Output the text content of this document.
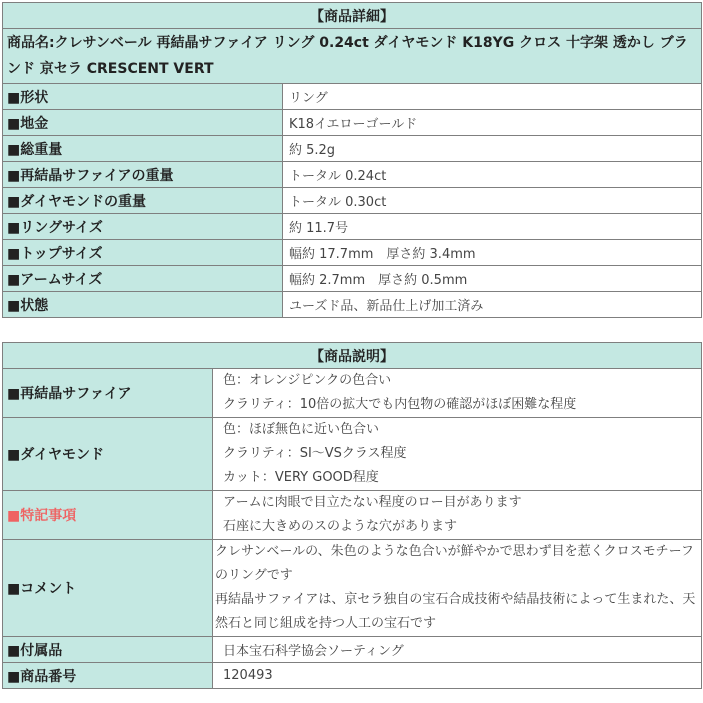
【商品詳細】	
商品名:クレサンベール 再結晶サファイア リング 0.24ct ダイヤモンド K18YG クロス 十字架 透かし ブランド 京セラ CRESCENT VERT	
■形状	リング
■地金	K18イエローゴールド
■総重量	約 5.2g
■再結晶サファイアの重量	トータル 0.24ct
■ダイヤモンドの重量	トータル 0.30ct
■リングサイズ	約 11.7号
■トップサイズ	幅約 17.7mm　厚さ約 3.4mm
■アームサイズ	幅約 2.7mm　厚さ約 0.5mm
■状態	ユーズド品、新品仕上げ加工済み
【商品説明】	
■再結晶サファイア	色：オレンジピンクの色合い
クラリティ：10倍の拡大でも内包物の確認がほぼ困難な程度

■ダイヤモンド	色：ほぼ無色に近い色合い
クラリティ：SI～VSクラス程度
カット：VERY GOOD程度

■特記事項	アームに肉眼で目立たない程度のロー目があります
石座に大きめのスのような穴があります

■コメント	クレサンベールの、朱色のような色合いが鮮やかで思わず目を惹くクロスモチーフのリングです
再結晶サファイアは、京セラ独自の宝石合成技術や結晶技術によって生まれた、天然石と同じ組成を持つ人工の宝石です

■付属品	日本宝石科学協会ソーティング
■商品番号	120493
